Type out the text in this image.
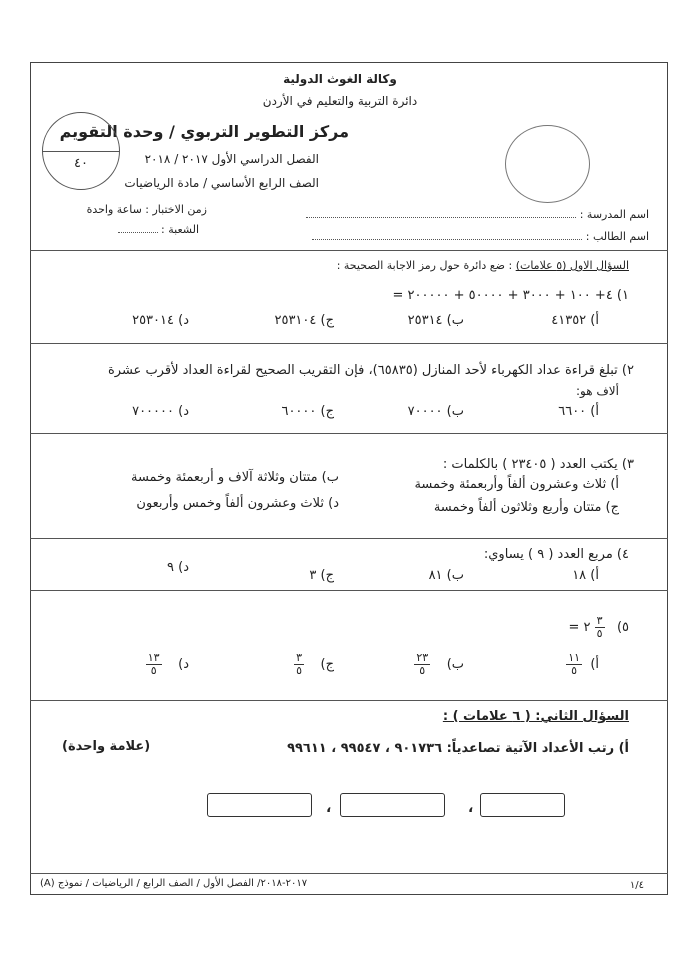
وكالة الغوث الدولية
دائرة التربية والتعليم في الأردن
مركز التطوير التربوي / وحدة التقويم
الفصل الدراسي الأول ٢٠١٧ / ٢٠١٨
الصف الرابع الأساسي / مادة الرياضيات
٤٠
اسم المدرسة :
اسم الطالب :
زمن الاختبار : ساعة واحدة
الشعبة :
السؤال الاول (٥ علامات) : ضع دائرة حول رمز الاجابة الصحيحة :
١) ٤+ ١٠٠ + ٣٠٠٠ + ٥٠٠٠٠ + ٢٠٠٠٠٠ =
أ) ٤١٣٥٢
ب) ٢٥٣١٤
ج) ٢٥٣١٠٤
د) ٢٥٣٠١٤
٢) تبلغ قراءة عداد الكهرباء لأحد المنازل (٦٥٨٣٥)، فإن التقريب الصحيح لقراءة العداد لأقرب عشرة
ألاف هو:
أ) ٦٦٠٠
ب) ٧٠٠٠٠
ج) ٦٠٠٠٠
د) ٧٠٠٠٠٠
٣) يكتب العدد ( ٢٣٤٠٥ ) بالكلمات :
أ) ثلاث وعشرون ألفاً وأربعمئة وخمسة
ب) متتان وثلاثة آلاف و أربعمئة وخمسة
ج) متتان وأربع وثلاثون ألفاً وخمسة
د) ثلاث وعشرون ألفاً وخمس وأربعون
٤) مربع العدد ( ٩ ) يساوي:
أ) ١٨
ب) ٨١
ج) ٣
د) ٩
٥)
$\frac{٣}{٥}$
٢ =
أ)
$\frac{١١}{٥}$
ب)
$\frac{٢٣}{٥}$
ج)
$\frac{٣}{٥}$
د)
$\frac{١٣}{٥}$
السؤال الثاني: ( ٦ علامات ) :
أ) رتب الأعداد الآتية تصاعدياً: ٩٠١٧٣٦ ، ٩٩٥٤٧ ، ٩٩٦١١
(علامة واحدة)
،
،
٢٠١٧-٢٠١٨/ الفصل الأول / الصف الرابع / الرياضيات / نموذج (A)	١/٤
